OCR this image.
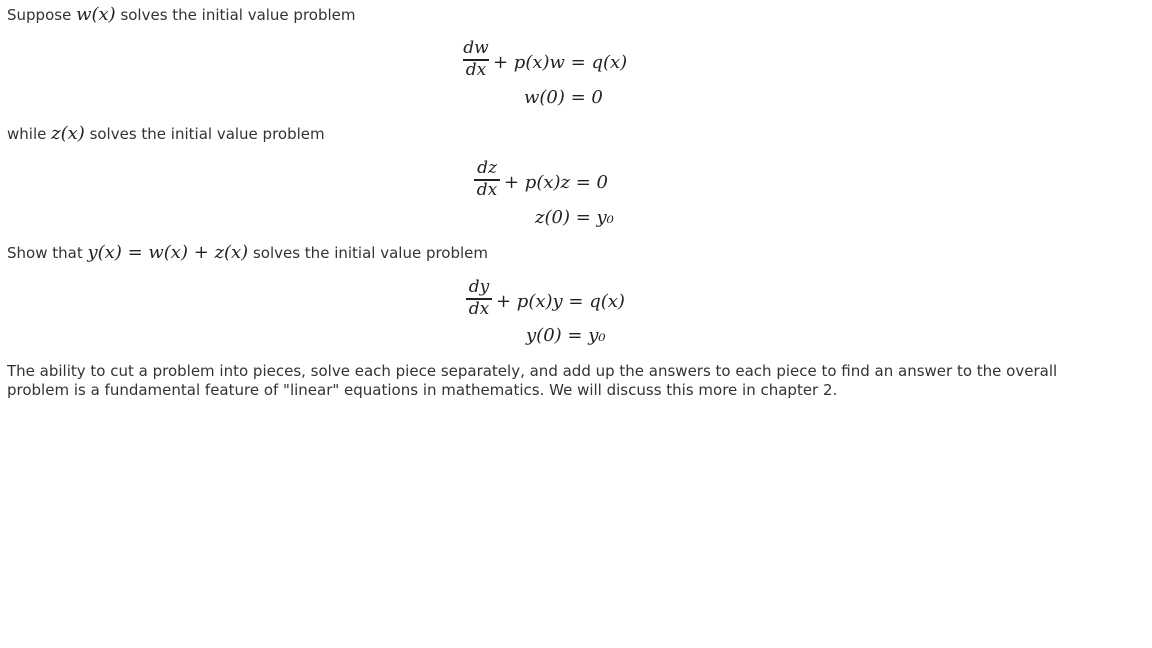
Suppose w(x) solves the initial value problem
dw
dx + p(x)w = q(x)
w(0) = 0
while z(x) solves the initial value problem
dz
dx + p(x)z = 0
z(0) = y₀
Show that y(x) = w(x) + z(x) solves the initial value problem
dy
dx + p(x)y = q(x)
y(0) = y₀
The ability to cut a problem into pieces, solve each piece separately, and add up the answers to each piece to find an answer to the overall
problem is a fundamental feature of "linear" equations in mathematics. We will discuss this more in chapter 2.
